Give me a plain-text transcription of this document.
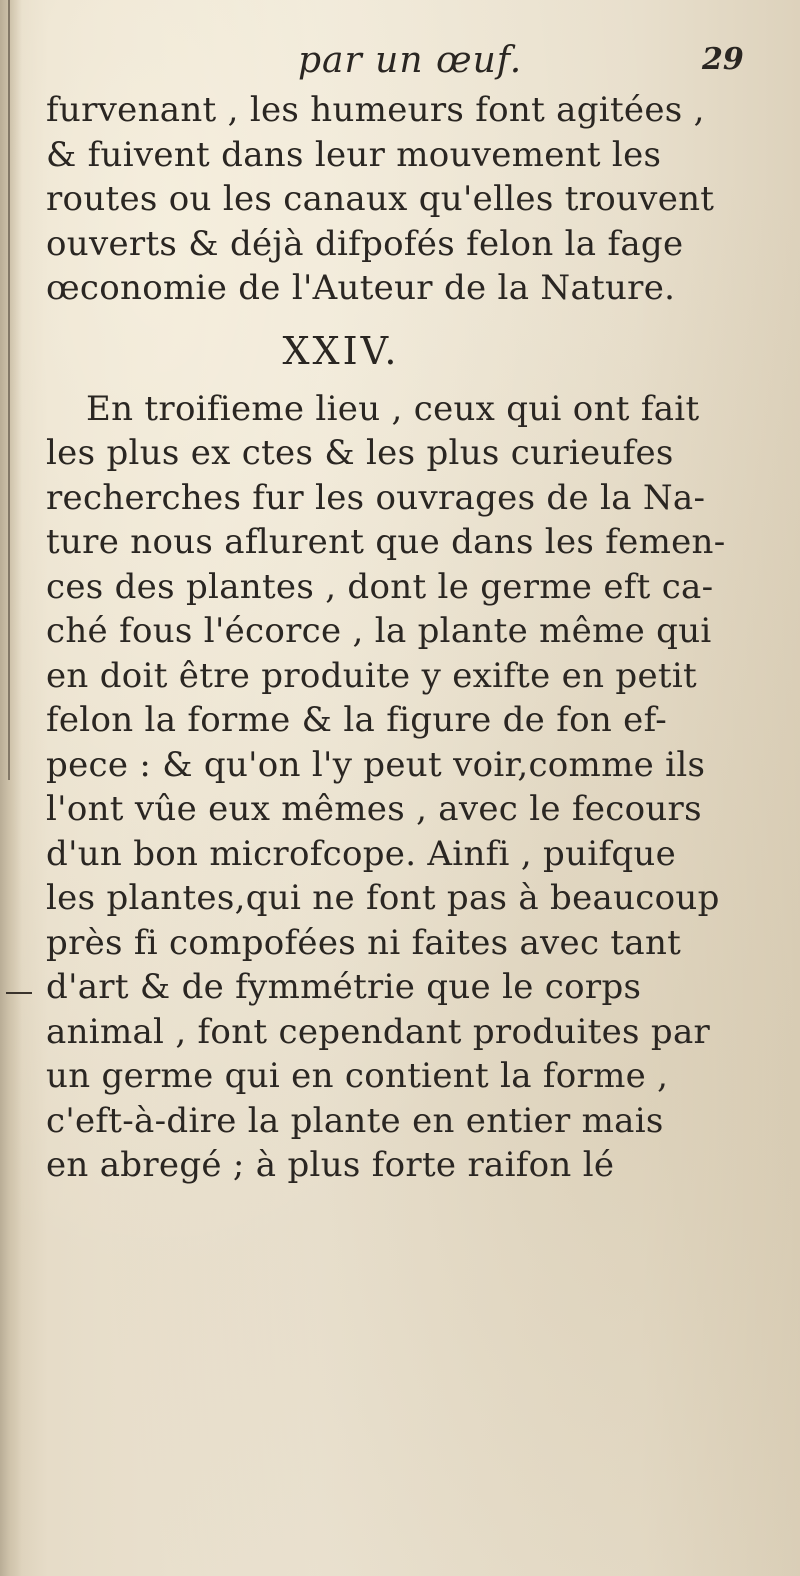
par un œuf.	29
furvenant , les humeurs font agitées ,
& fuivent dans leur mouvement les
routes ou les canaux qu'elles trouvent
ouverts & déjà difpofés felon la fage
œconomie de l'Auteur de la Nature.
XXIV.
En troifieme lieu , ceux qui ont fait
les plus ex ctes & les plus curieufes
recherches fur les ouvrages de la Na-
ture nous aflurent que dans les femen-
ces des plantes , dont le germe eft ca-
ché fous l'écorce , la plante même qui
en doit être produite y exifte en petit
felon la forme & la figure de fon ef-
pece : & qu'on l'y peut voir,comme ils
l'ont vûe eux mêmes , avec le fecours
d'un bon microfcope. Ainfi , puifque
les plantes,qui ne font pas à beaucoup
près fi compofées ni faites avec tant
d'art & de fymmétrie que le corps
animal , font cependant produites par
un germe qui en contient la forme ,
c'eft-à-dire la plante en entier mais
en abregé ; à plus forte raifon lé
